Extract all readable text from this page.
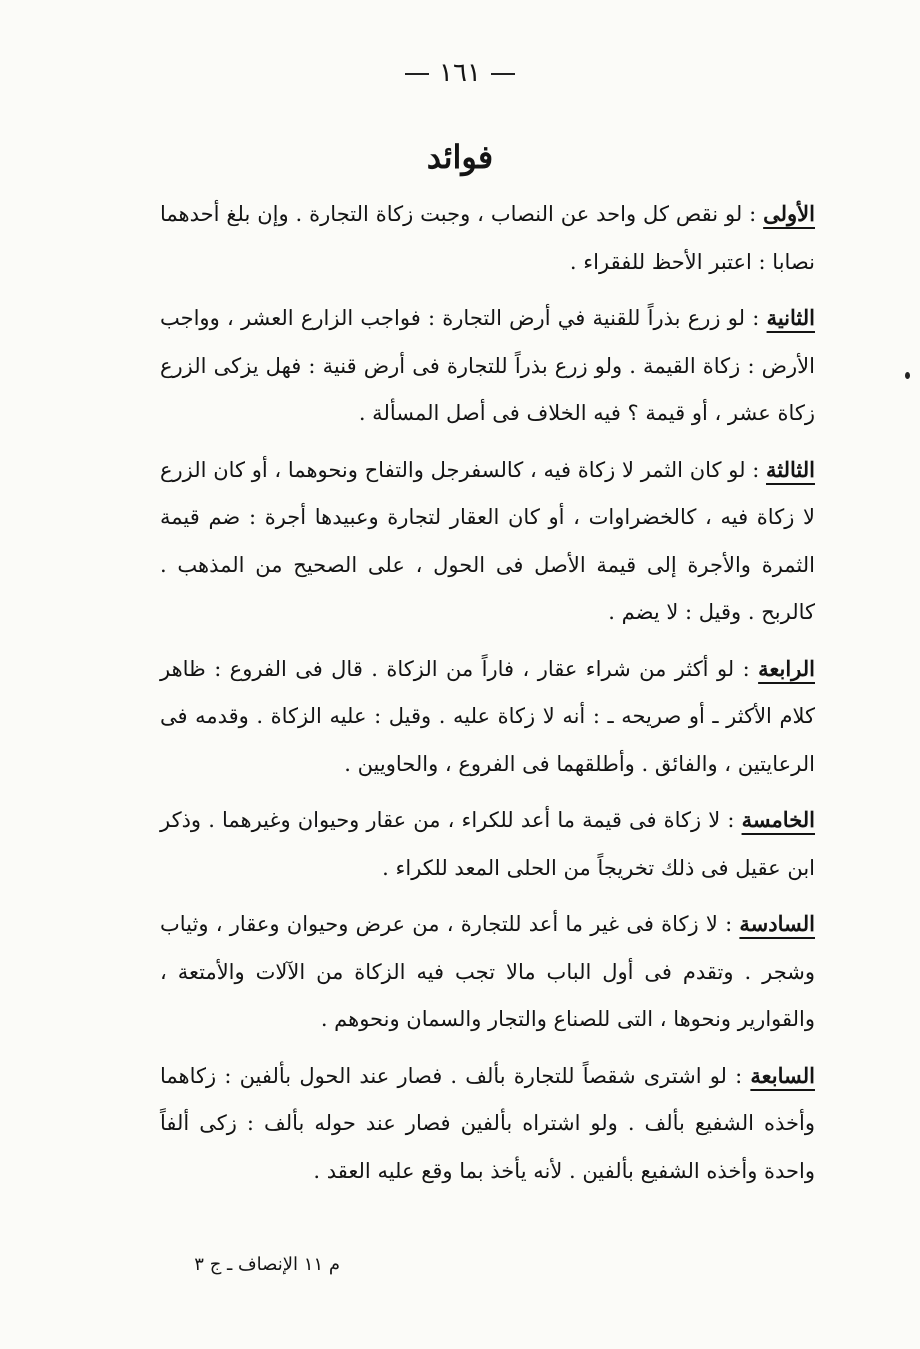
١٦١
فوائد

الأولى : لو نقص كل واحد عن النصاب ، وجبت زكاة التجارة . وإن بلغ أحدهما نصابا : اعتبر الأحظ للفقراء .

الثانية : لو زرع بذراً للقنية في أرض التجارة : فواجب الزارع العشر ، وواجب الأرض : زكاة القيمة . ولو زرع بذراً للتجارة فى أرض قنية : فهل يزكى الزرع زكاة عشر ، أو قيمة ؟ فيه الخلاف فى أصل المسألة .

الثالثة : لو كان الثمر لا زكاة فيه ، كالسفرجل والتفاح ونحوهما ، أو كان الزرع لا زكاة فيه ، كالخضراوات ، أو كان العقار لتجارة وعبيدها أجرة : ضم قيمة الثمرة والأجرة إلى قيمة الأصل فى الحول ، على الصحيح من المذهب . كالربح . وقيل : لا يضم .

الرابعة : لو أكثر من شراء عقار ، فاراً من الزكاة . قال فى الفروع : ظاهر كلام الأكثر ـ أو صريحه ـ : أنه لا زكاة عليه . وقيل : عليه الزكاة . وقدمه فى الرعايتين ، والفائق . وأطلقهما فى الفروع ، والحاويين .

الخامسة : لا زكاة فى قيمة ما أعد للكراء ، من عقار وحيوان وغيرهما . وذكر ابن عقيل فى ذلك تخريجاً من الحلى المعد للكراء .

السادسة : لا زكاة فى غير ما أعد للتجارة ، من عرض وحيوان وعقار ، وثياب وشجر . وتقدم فى أول الباب مالا تجب فيه الزكاة من الآلات والأمتعة ، والقوارير ونحوها ، التى للصناع والتجار والسمان ونحوهم .

السابعة : لو اشترى شقصاً للتجارة بألف . فصار عند الحول بألفين : زكاهما وأخذه الشفيع بألف . ولو اشتراه بألفين فصار عند حوله بألف : زكى ألفاً واحدة وأخذه الشفيع بألفين . لأنه يأخذ بما وقع عليه العقد .

م ١١ الإنصاف ـ ج ٣
